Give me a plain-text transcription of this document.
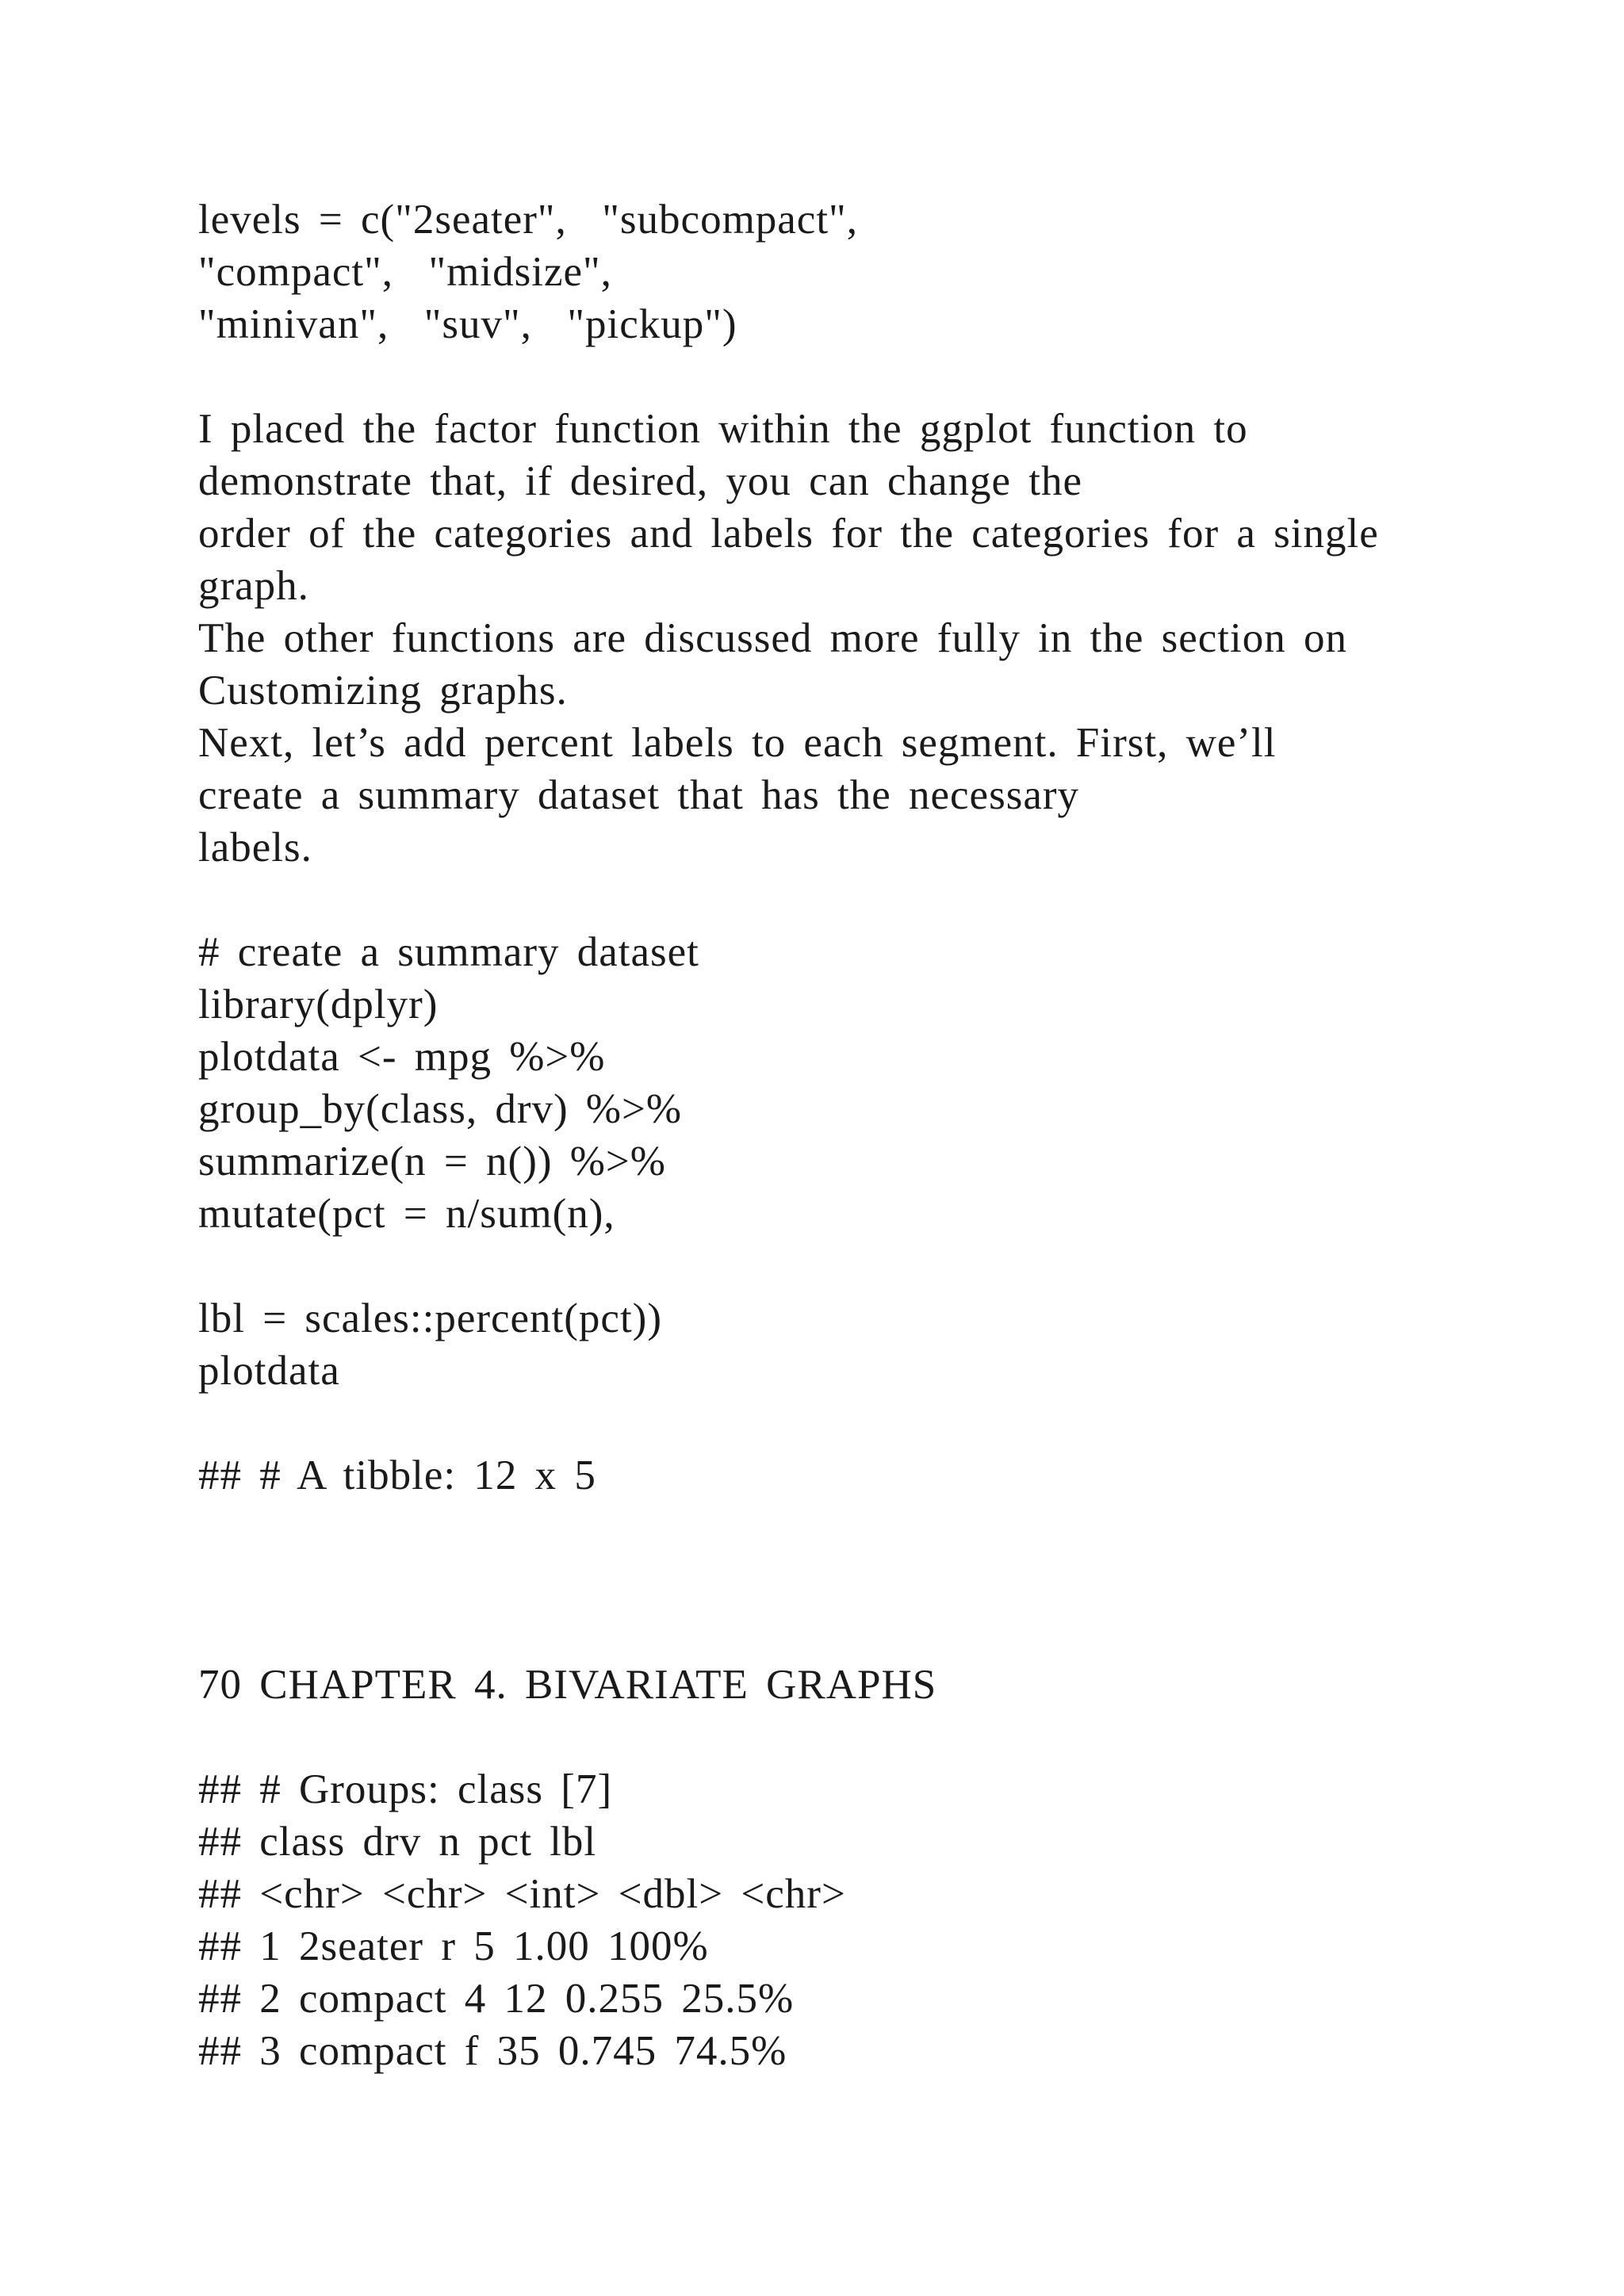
levels = c("2seater",  "subcompact",
"compact",  "midsize",
"minivan",  "suv",  "pickup")
I placed the factor function within the ggplot function to
demonstrate that, if desired, you can change the
order of the categories and labels for the categories for a single
graph.
The other functions are discussed more fully in the section on
Customizing graphs.
Next, let’s add percent labels to each segment. First, we’ll
create a summary dataset that has the necessary
labels.
# create a summary dataset
library(dplyr)
plotdata <- mpg %>%
group_by(class, drv) %>%
summarize(n = n()) %>%
mutate(pct = n/sum(n),
lbl = scales::percent(pct))
plotdata
## # A tibble: 12 x 5
70 CHAPTER 4. BIVARIATE GRAPHS
## # Groups: class [7]
## class drv n pct lbl
## <chr> <chr> <int> <dbl> <chr>
## 1 2seater r 5 1.00 100%
## 2 compact 4 12 0.255 25.5%
## 3 compact f 35 0.745 74.5%
